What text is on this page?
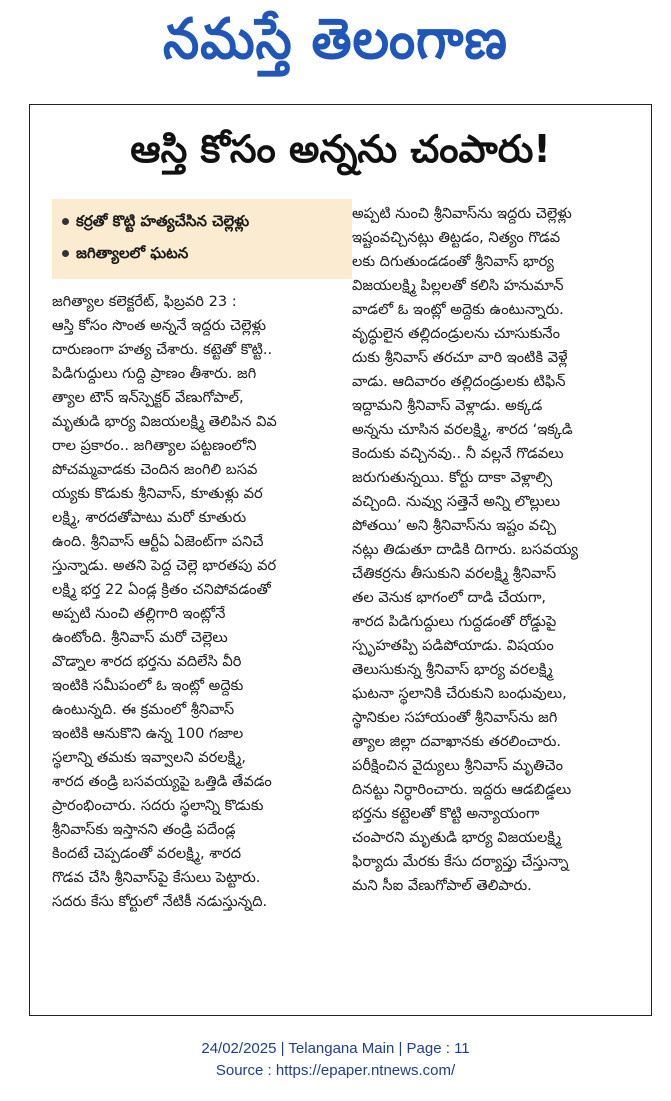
నమస్తే తెలంగాణ
ఆస్తి కోసం అన్నను చంపారు!
కర్రతో కొట్టి హత్యచేసిన చెల్లెళ్లు
జగిత్యాలలో ఘటన
జగిత్యాల కలెక్టరేట్, ఫిబ్రవరి 23 :
ఆస్తి కోసం సొంత అన్ననే ఇద్దరు చెల్లెళ్లు
దారుణంగా హత్య చేశారు. కట్టెతో కొట్టి..
పిడిగుద్దులు గుద్ది ప్రాణం తీశారు. జగి
త్యాల టౌన్ ఇన్‌స్పెక్టర్ వేణుగోపాల్,
మృతుడి భార్య విజయలక్ష్మి తెలిపిన వివ
రాల ప్రకారం.. జగిత్యాల పట్టణంలోని
పోచమ్మవాడకు చెందిన జంగిలి బసవ
య్యకు కొడుకు శ్రీనివాస్, కూతుళ్లు వర
లక్ష్మి, శారదతోపాటు మరో కూతురు
ఉంది. శ్రీనివాస్ ఆర్టీఏ ఏజెంట్‌గా పనిచే
స్తున్నాడు. అతని పెద్ద చెల్లె భారతపు వర
లక్ష్మి భర్త 22 ఏండ్ల క్రితం చనిపోవడంతో
అప్పటి నుంచి తల్లిగారి ఇంట్లోనే
ఉంటోంది. శ్రీనివాస్ మరో చెల్లెలు
వొడ్నాల శారద భర్తను వదిలేసి వీరి
ఇంటికి సమీపంలో ఓ ఇంట్లో అద్దెకు
ఉంటున్నది. ఈ క్రమంలో శ్రీనివాస్
ఇంటికి ఆనుకొని ఉన్న 100 గజాల
స్థలాన్ని తమకు ఇవ్వాలని వరలక్ష్మి,
శారద తండ్రి బసవయ్యపై ఒత్తిడి తేవడం
ప్రారంభించారు. సదరు స్థలాన్ని కొడుకు
శ్రీనివాస్‌కు ఇస్తానని తండ్రి పదేండ్ల
కిందటే చెప్పడంతో వరలక్ష్మి, శారద
గొడవ చేసి శ్రీనివాస్‌పై కేసులు పెట్టారు.
సదరు కేసు కోర్టులో నేటికీ నడుస్తున్నది.
అప్పటి నుంచి శ్రీనివాస్‌ను ఇద్దరు చెల్లెళ్లు
ఇష్టంవచ్చినట్లు తిట్టడం, నిత్యం గొడవ
లకు దిగుతుండడంతో శ్రీనివాస్ భార్య
విజయలక్ష్మి పిల్లలతో కలిసి హనుమాన్
వాడలో ఓ ఇంట్లో అద్దెకు ఉంటున్నారు.
వృద్ధులైన తల్లిదండ్రులను చూసుకునేం
దుకు శ్రీనివాస్ తరచూ వారి ఇంటికి వెళ్లే
వాడు. ఆదివారం తల్లిదండ్రులకు టిఫిన్
ఇద్దామని శ్రీనివాస్ వెళ్లాడు. అక్కడ
అన్నను చూసిన వరలక్ష్మి, శారద ‘ఇక్కడి
కెందుకు వచ్చినవు.. నీ వల్లనే గొడవలు
జరుగుతున్నయి. కోర్టు దాకా వెళ్లాల్సి
వచ్చింది. నువ్వు సత్తెనే అన్ని లొల్లులు
పోతయి’ అని శ్రీనివాస్‌ను ఇష్టం వచ్చి
నట్లు తిడుతూ దాడికి దిగారు. బసవయ్య
చేతికర్రను తీసుకుని వరలక్ష్మి శ్రీనివాస్
తల వెనుక భాగంలో దాడి చేయగా,
శారద పిడిగుద్దులు గుద్దడంతో రోడ్డుపై
స్పృహతప్పి పడిపోయాడు. విషయం
తెలుసుకున్న శ్రీనివాస్ భార్య వరలక్ష్మి
ఘటనా స్థలానికి చేరుకుని బంధువులు,
స్థానికుల సహాయంతో శ్రీనివాస్‌ను జగి
త్యాల జిల్లా దవాఖానకు తరలించారు.
పరీక్షించిన వైద్యులు శ్రీనివాస్ మృతిచెం
దినట్టు నిర్ధారించారు. ఇద్దరు ఆడబిడ్డలు
భర్తను కట్టెలతో కొట్టి అన్యాయంగా
చంపారని మృతుడి భార్య విజయలక్ష్మి
ఫిర్యాదు మేరకు కేసు దర్యాప్తు చేస్తున్నా
మని సీఐ వేణుగోపాల్ తెలిపారు.
24/02/2025 | Telangana Main | Page : 11
Source : https://epaper.ntnews.com/
